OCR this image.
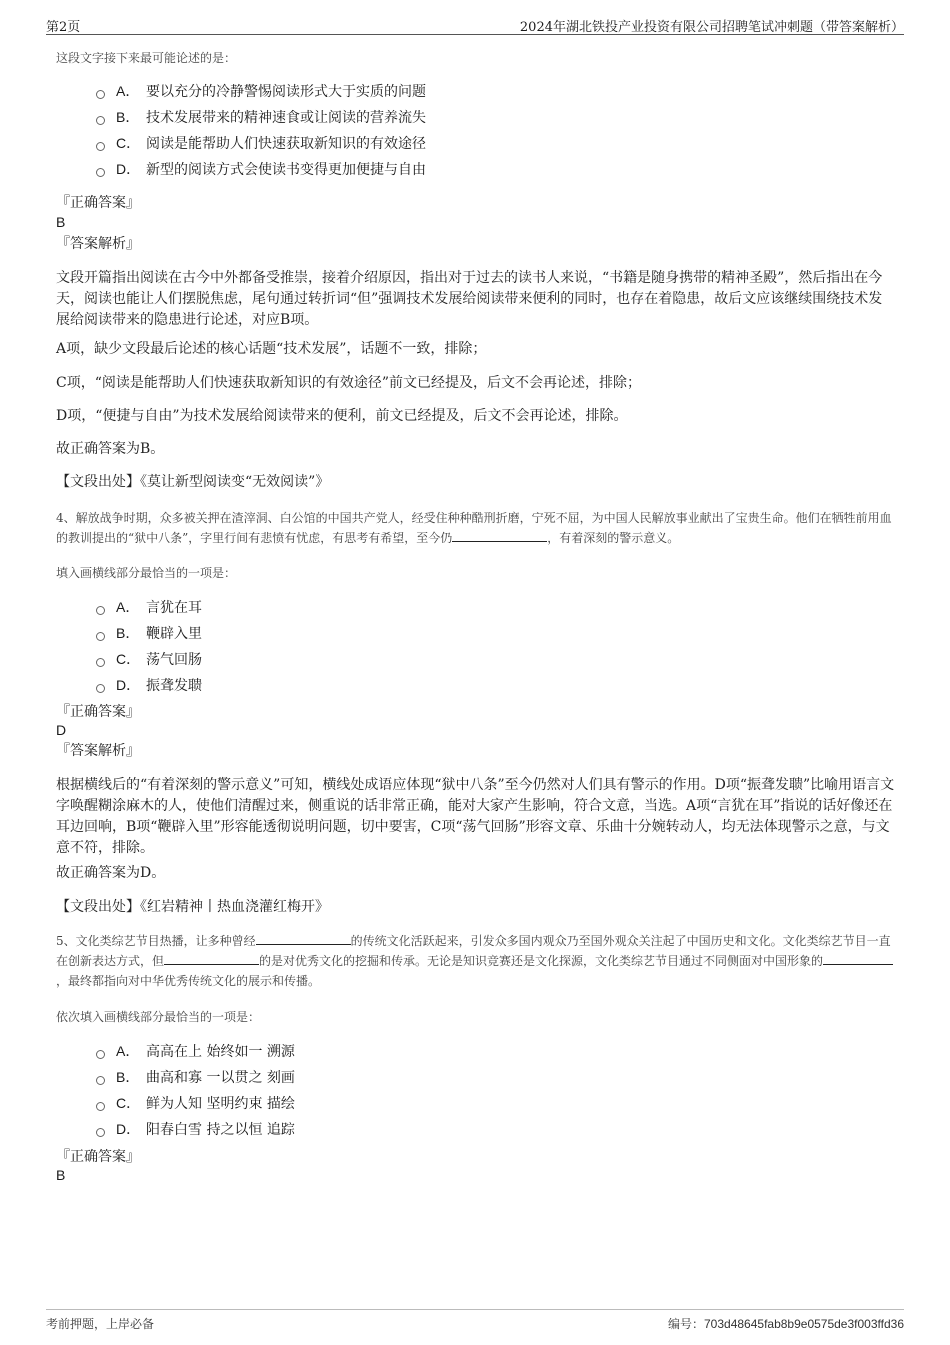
第2页	2024年湖北铁投产业投资有限公司招聘笔试冲刺题（带答案解析）
这段文字接下来最可能论述的是：
A． 要以充分的冷静警惕阅读形式大于实质的问题
B． 技术发展带来的精神速食或让阅读的营养流失
C． 阅读是能帮助人们快速获取新知识的有效途径
D． 新型的阅读方式会使读书变得更加便捷与自由
『正确答案』
B
『答案解析』
文段开篇指出阅读在古今中外都备受推崇，接着介绍原因，指出对于过去的读书人来说，“书籍是随身携带的精神圣殿”，然后指出在今天，阅读也能让人们摆脱焦虑，尾句通过转折词“但”强调技术发展给阅读带来便利的同时，也存在着隐患，故后文应该继续围绕技术发展给阅读带来的隐患进行论述，对应B项。
A项，缺少文段最后论述的核心话题“技术发展”，话题不一致，排除；
C项，“阅读是能帮助人们快速获取新知识的有效途径”前文已经提及，后文不会再论述，排除；
D项，“便捷与自由”为技术发展给阅读带来的便利，前文已经提及，后文不会再论述，排除。
故正确答案为B。
【文段出处】《莫让新型阅读变“无效阅读”》
4、解放战争时期，众多被关押在渣滓洞、白公馆的中国共产党人，经受住种种酷刑折磨，宁死不屈，为中国人民解放事业献出了宝贵生命。他们在牺牲前用血的教训提出的“狱中八条”，字里行间有悲愤有忧虑，有思考有希望，至今仍	，有着深刻的警示意义。
填入画横线部分最恰当的一项是：
A． 言犹在耳
B． 鞭辟入里
C． 荡气回肠
D． 振聋发聩
『正确答案』
D
『答案解析』
根据横线后的“有着深刻的警示意义”可知，横线处成语应体现“狱中八条”至今仍然对人们具有警示的作用。D项“振聋发聩”比喻用语言文字唤醒糊涂麻木的人，使他们清醒过来，侧重说的话非常正确，能对大家产生影响，符合文意，当选。A项“言犹在耳”指说的话好像还在耳边回响，B项“鞭辟入里”形容能透彻说明问题，切中要害，C项“荡气回肠”形容文章、乐曲十分婉转动人，均无法体现警示之意，与文意不符，排除。
故正确答案为D。
【文段出处】《红岩精神丨热血浇灌红梅开》
5、文化类综艺节目热播，让多种曾经	的传统文化活跃起来，引发众多国内观众乃至国外观众关注起了中国历史和文化。文化类综艺节目一直在创新表达方式，但	的是对优秀文化的挖掘和传承。无论是知识竞赛还是文化探源，文化类综艺节目通过不同侧面对中国形象的，最终都指向对中华优秀传统文化的展示和传播。
依次填入画横线部分最恰当的一项是：
A． 高高在上 始终如一 溯源
B． 曲高和寡 一以贯之 刻画
C． 鲜为人知 坚明约束 描绘
D． 阳春白雪 持之以恒 追踪
『正确答案』
B
考前押题，上岸必备	编号：703d48645fab8b9e0575de3f003ffd36
